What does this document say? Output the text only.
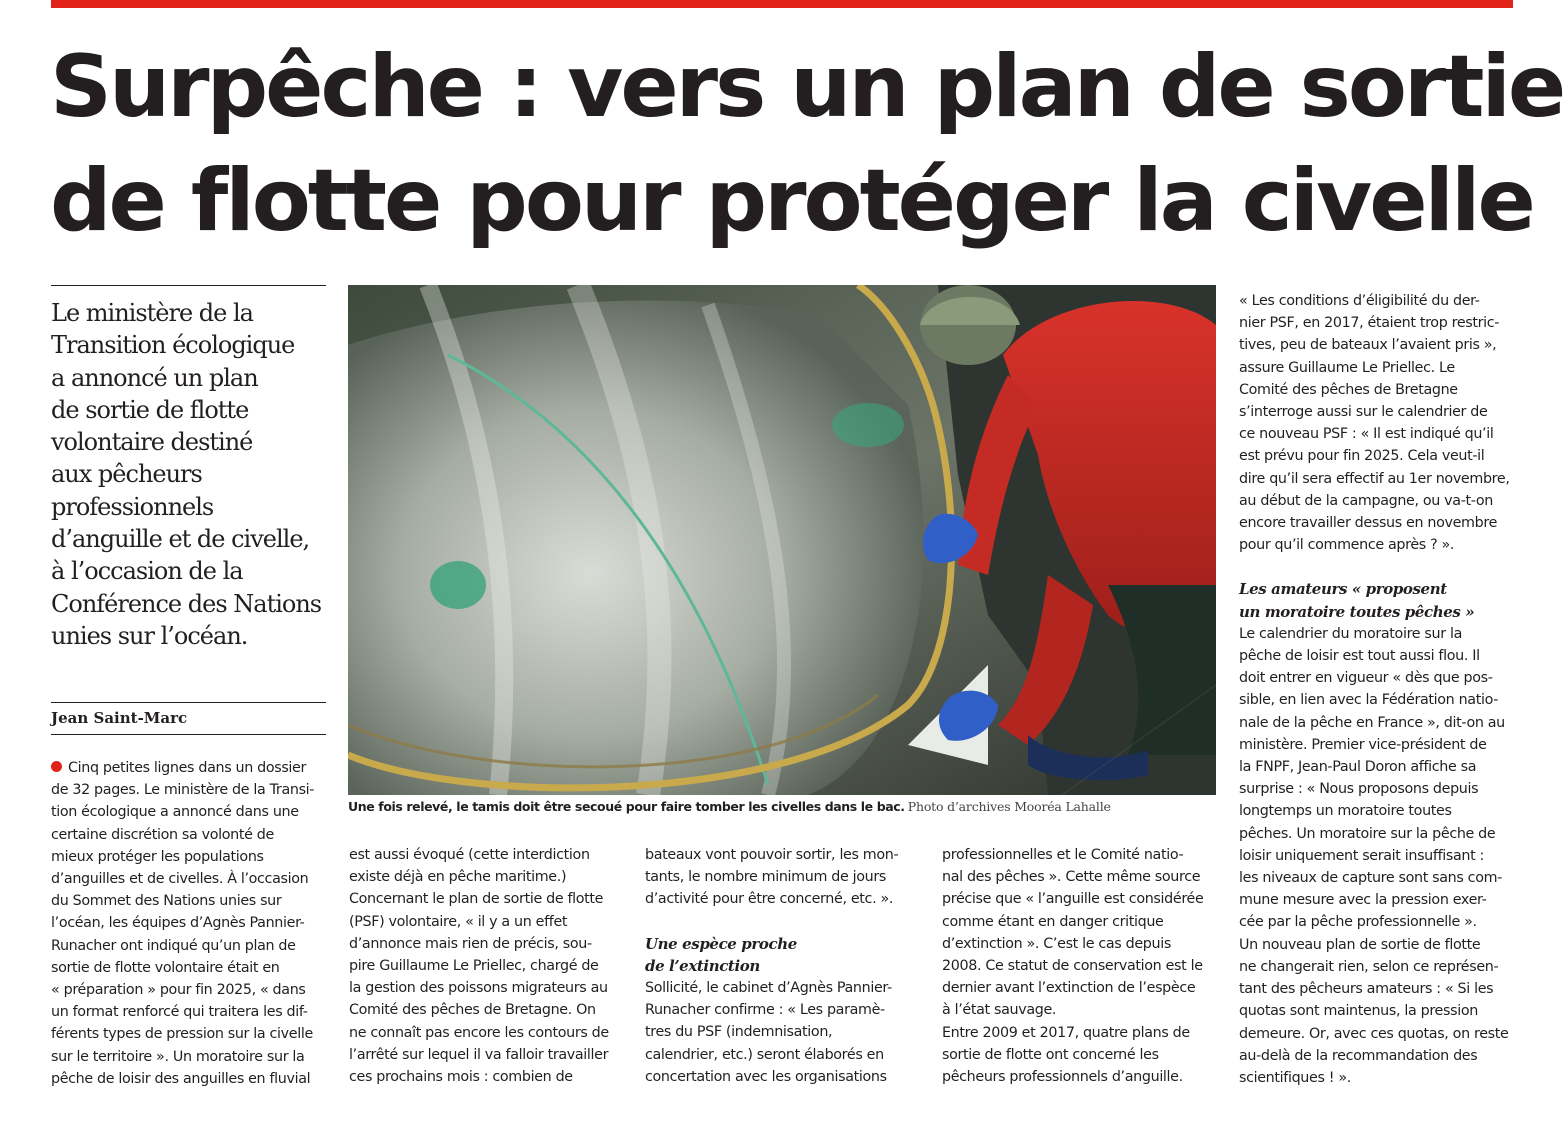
Surpêche : vers un plan de sortie
de flotte pour protéger la civelle
Le ministère de la
Transition écologique
a annoncé un plan
de sortie de flotte
volontaire destiné
aux pêcheurs
professionnels
d’anguille et de civelle,
à l’occasion de la
Conférence des Nations
unies sur l’océan.
Jean Saint-Marc
Cinq petites lignes dans un dossier
de 32 pages. Le ministère de la Transi-
tion écologique a annoncé dans une
certaine discrétion sa volonté de
mieux protéger les populations
d’anguilles et de civelles. À l’occasion
du Sommet des Nations unies sur
l’océan, les équipes d’Agnès Pannier-
Runacher ont indiqué qu’un plan de
sortie de flotte volontaire était en
« préparation » pour fin 2025, « dans
un format renforcé qui traitera les dif-
férents types de pression sur la civelle
sur le territoire ». Un moratoire sur la
pêche de loisir des anguilles en fluvial

Une fois relevé, le tamis doit être secoué pour faire tomber les civelles dans le bac. Photo d’archives Mooréa Lahalle

est aussi évoqué (cette interdiction
existe déjà en pêche maritime.)
Concernant le plan de sortie de flotte
(PSF) volontaire, « il y a un effet
d’annonce mais rien de précis, sou-
pire Guillaume Le Priellec, chargé de
la gestion des poissons migrateurs au
Comité des pêches de Bretagne. On
ne connaît pas encore les contours de
l’arrêté sur lequel il va falloir travailler
ces prochains mois : combien de
bateaux vont pouvoir sortir, les mon-
tants, le nombre minimum de jours
d’activité pour être concerné, etc. ».
Une espèce proche
de l’extinction
Sollicité, le cabinet d’Agnès Pannier-
Runacher confirme : « Les paramè-
tres du PSF (indemnisation,
calendrier, etc.) seront élaborés en
concertation avec les organisations
professionnelles et le Comité natio-
nal des pêches ». Cette même source
précise que « l’anguille est considérée
comme étant en danger critique
d’extinction ». C’est le cas depuis
2008. Ce statut de conservation est le
dernier avant l’extinction de l’espèce
à l’état sauvage.
Entre 2009 et 2017, quatre plans de
sortie de flotte ont concerné les
pêcheurs professionnels d’anguille.
« Les conditions d’éligibilité du der-
nier PSF, en 2017, étaient trop restric-
tives, peu de bateaux l’avaient pris »,
assure Guillaume Le Priellec. Le
Comité des pêches de Bretagne
s’interroge aussi sur le calendrier de
ce nouveau PSF : « Il est indiqué qu’il
est prévu pour fin 2025. Cela veut-il
dire qu’il sera effectif au 1er novembre,
au début de la campagne, ou va-t-on
encore travailler dessus en novembre
pour qu’il commence après ? ».
Les amateurs « proposent
un moratoire toutes pêches »
Le calendrier du moratoire sur la
pêche de loisir est tout aussi flou. Il
doit entrer en vigueur « dès que pos-
sible, en lien avec la Fédération natio-
nale de la pêche en France », dit-on au
ministère. Premier vice-président de
la FNPF, Jean-Paul Doron affiche sa
surprise : « Nous proposons depuis
longtemps un moratoire toutes
pêches. Un moratoire sur la pêche de
loisir uniquement serait insuffisant :
les niveaux de capture sont sans com-
mune mesure avec la pression exer-
cée par la pêche professionnelle ».
Un nouveau plan de sortie de flotte
ne changerait rien, selon ce représen-
tant des pêcheurs amateurs : « Si les
quotas sont maintenus, la pression
demeure. Or, avec ces quotas, on reste
au-delà de la recommandation des
scientifiques ! ».
